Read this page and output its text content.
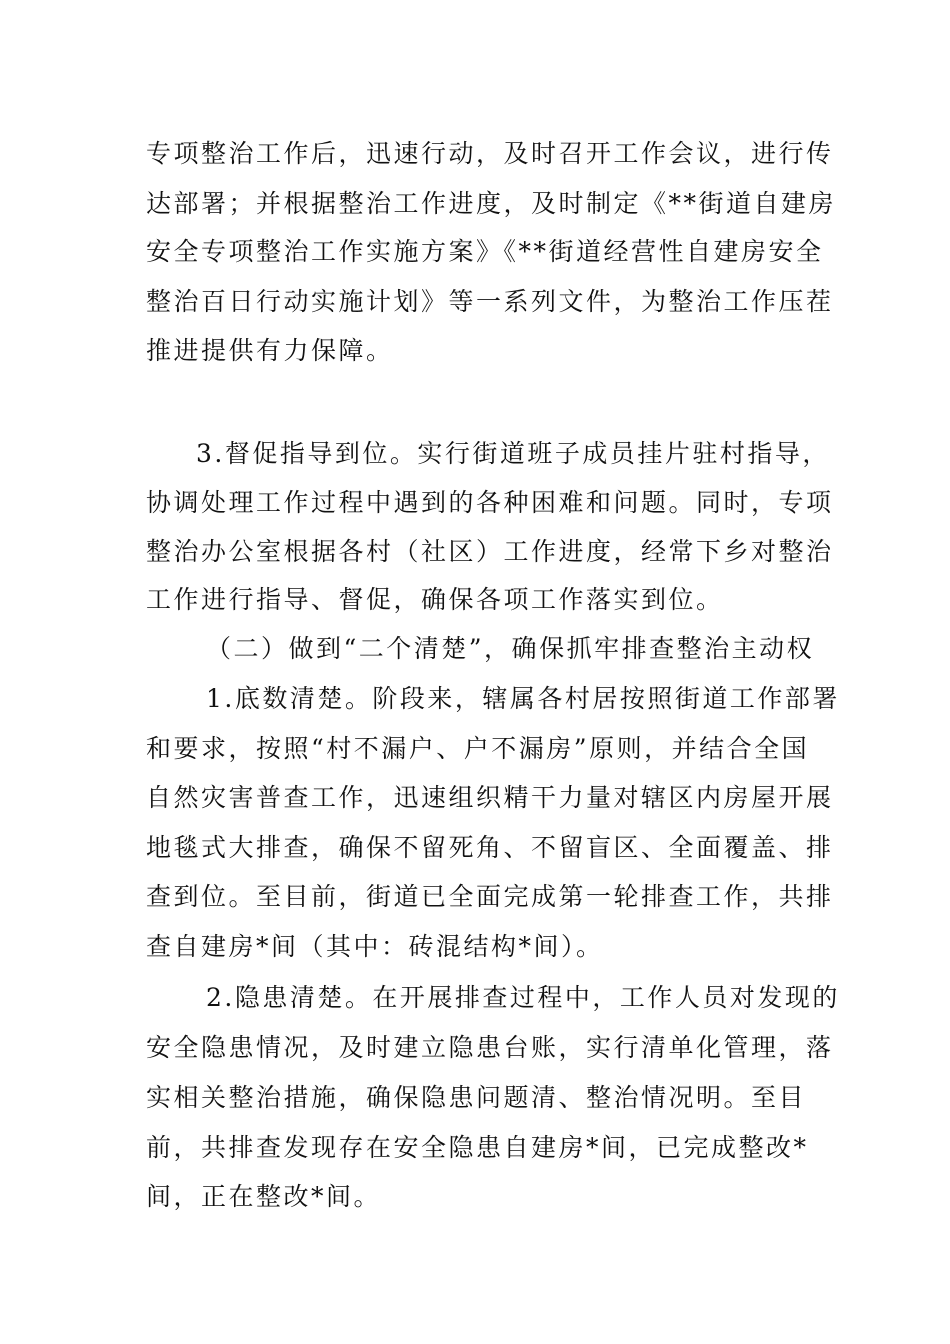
专项整治工作后，迅速行动，及时召开工作会议，进行传
达部署；并根据整治工作进度，及时制定《**街道自建房
安全专项整治工作实施方案》《**街道经营性自建房安全
整治百日行动实施计划》等一系列文件，为整治工作压茬
推进提供有力保障。
3.督促指导到位。实行街道班子成员挂片驻村指导，
协调处理工作过程中遇到的各种困难和问题。同时，专项
整治办公室根据各村（社区）工作进度，经常下乡对整治
工作进行指导、督促，确保各项工作落实到位。
（二）做到“二个清楚”，确保抓牢排查整治主动权
1.底数清楚。阶段来，辖属各村居按照街道工作部署
和要求，按照“村不漏户、户不漏房”原则，并结合全国
自然灾害普查工作，迅速组织精干力量对辖区内房屋开展
地毯式大排查，确保不留死角、不留盲区、全面覆盖、排
查到位。至目前，街道已全面完成第一轮排查工作，共排
查自建房*间（其中：砖混结构*间）。
2.隐患清楚。在开展排查过程中，工作人员对发现的
安全隐患情况，及时建立隐患台账，实行清单化管理，落
实相关整治措施，确保隐患问题清、整治情况明。至目
前，共排查发现存在安全隐患自建房*间，已完成整改*
间，正在整改*间。
